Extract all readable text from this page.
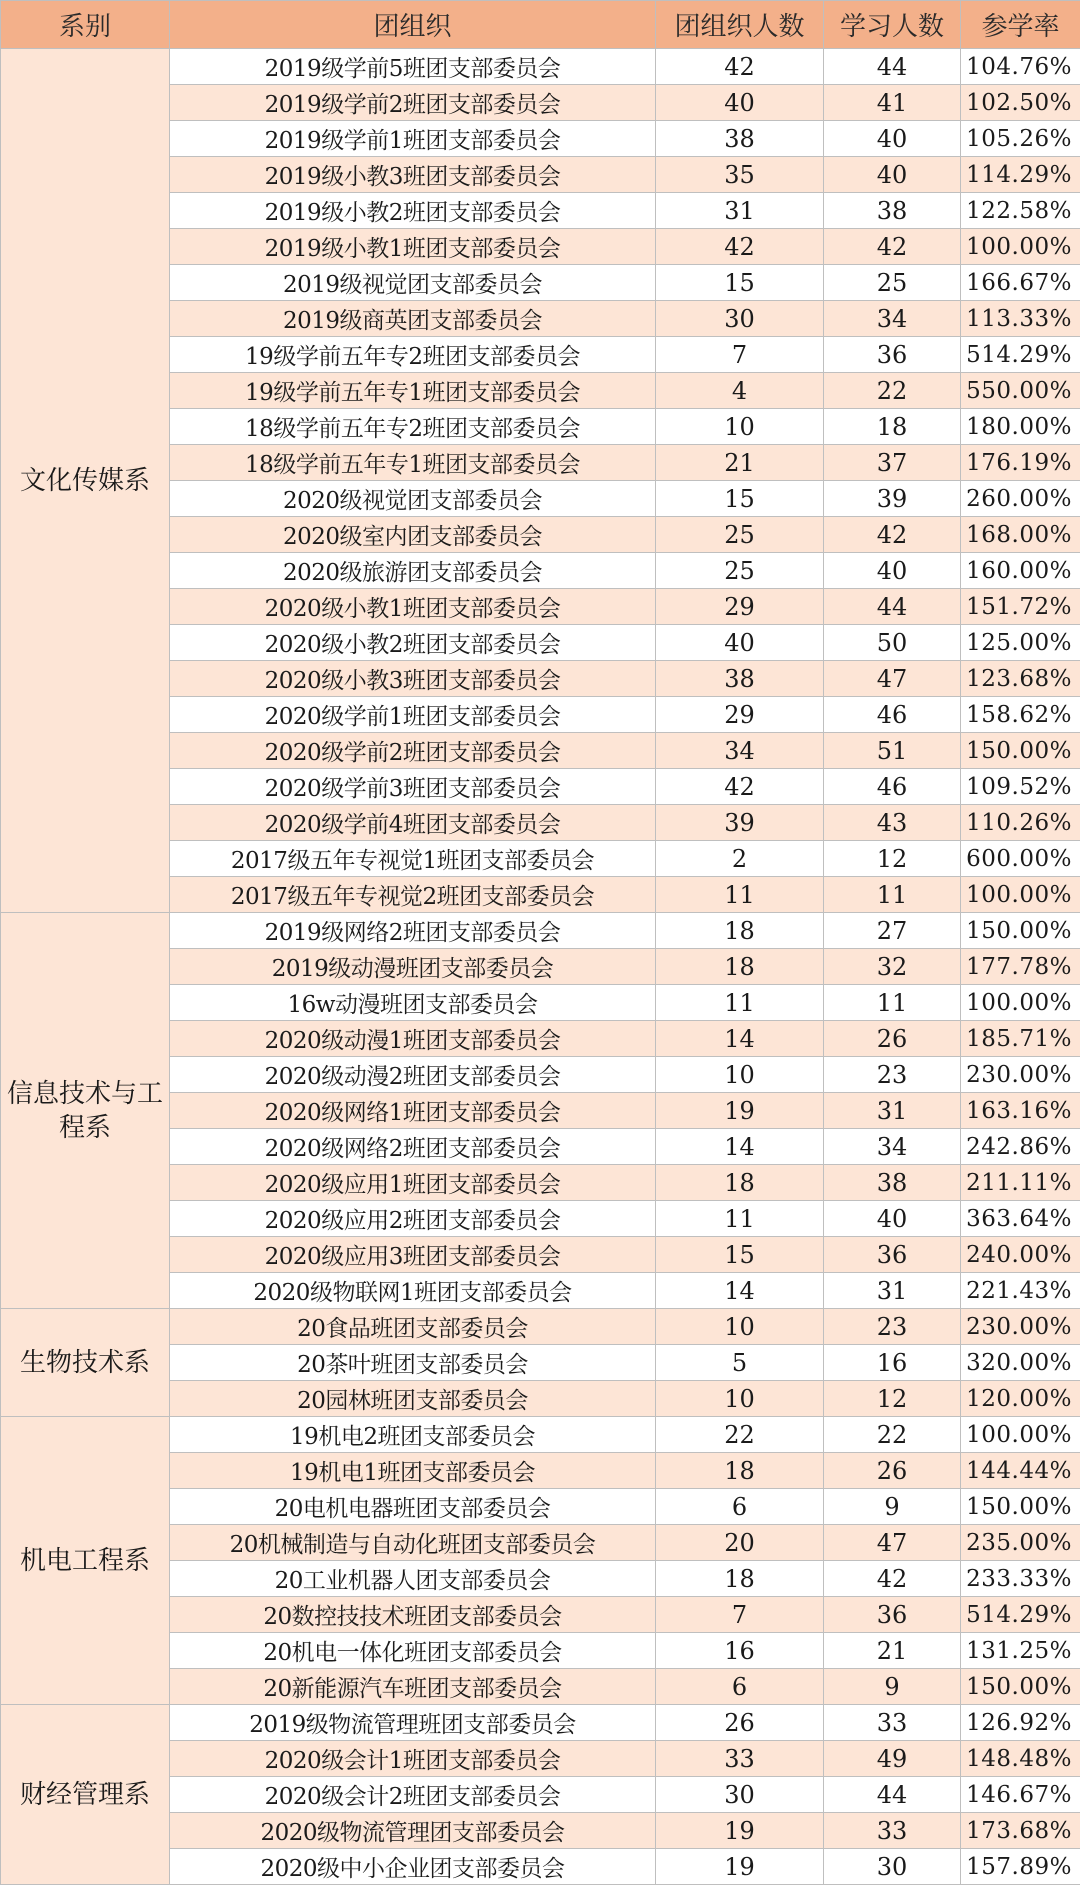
系别	团组织	团组织人数	学习人数	参学率
文化传媒系	2019级学前5班团支部委员会	42	44	104.76%
	2019级学前2班团支部委员会	40	41	102.50%
	2019级学前1班团支部委员会	38	40	105.26%
	2019级小教3班团支部委员会	35	40	114.29%
	2019级小教2班团支部委员会	31	38	122.58%
	2019级小教1班团支部委员会	42	42	100.00%
	2019级视觉团支部委员会	15	25	166.67%
	2019级商英团支部委员会	30	34	113.33%
	19级学前五年专2班团支部委员会	7	36	514.29%
	19级学前五年专1班团支部委员会	4	22	550.00%
	18级学前五年专2班团支部委员会	10	18	180.00%
	18级学前五年专1班团支部委员会	21	37	176.19%
	2020级视觉团支部委员会	15	39	260.00%
	2020级室内团支部委员会	25	42	168.00%
	2020级旅游团支部委员会	25	40	160.00%
	2020级小教1班团支部委员会	29	44	151.72%
	2020级小教2班团支部委员会	40	50	125.00%
	2020级小教3班团支部委员会	38	47	123.68%
	2020级学前1班团支部委员会	29	46	158.62%
	2020级学前2班团支部委员会	34	51	150.00%
	2020级学前3班团支部委员会	42	46	109.52%
	2020级学前4班团支部委员会	39	43	110.26%
	2017级五年专视觉1班团支部委员会	2	12	600.00%
	2017级五年专视觉2班团支部委员会	11	11	100.00%
信息技术与工程系	2019级网络2班团支部委员会	18	27	150.00%
	2019级动漫班团支部委员会	18	32	177.78%
	16w动漫班团支部委员会	11	11	100.00%
	2020级动漫1班团支部委员会	14	26	185.71%
	2020级动漫2班团支部委员会	10	23	230.00%
	2020级网络1班团支部委员会	19	31	163.16%
	2020级网络2班团支部委员会	14	34	242.86%
	2020级应用1班团支部委员会	18	38	211.11%
	2020级应用2班团支部委员会	11	40	363.64%
	2020级应用3班团支部委员会	15	36	240.00%
	2020级物联网1班团支部委员会	14	31	221.43%
生物技术系	20食品班团支部委员会	10	23	230.00%
	20茶叶班团支部委员会	5	16	320.00%
	20园林班团支部委员会	10	12	120.00%
机电工程系	19机电2班团支部委员会	22	22	100.00%
	19机电1班团支部委员会	18	26	144.44%
	20电机电器班团支部委员会	6	9	150.00%
	20机械制造与自动化班团支部委员会	20	47	235.00%
	20工业机器人团支部委员会	18	42	233.33%
	20数控技技术班团支部委员会	7	36	514.29%
	20机电一体化班团支部委员会	16	21	131.25%
	20新能源汽车班团支部委员会	6	9	150.00%
财经管理系	2019级物流管理班团支部委员会	26	33	126.92%
	2020级会计1班团支部委员会	33	49	148.48%
	2020级会计2班团支部委员会	30	44	146.67%
	2020级物流管理团支部委员会	19	33	173.68%
	2020级中小企业团支部委员会	19	30	157.89%
